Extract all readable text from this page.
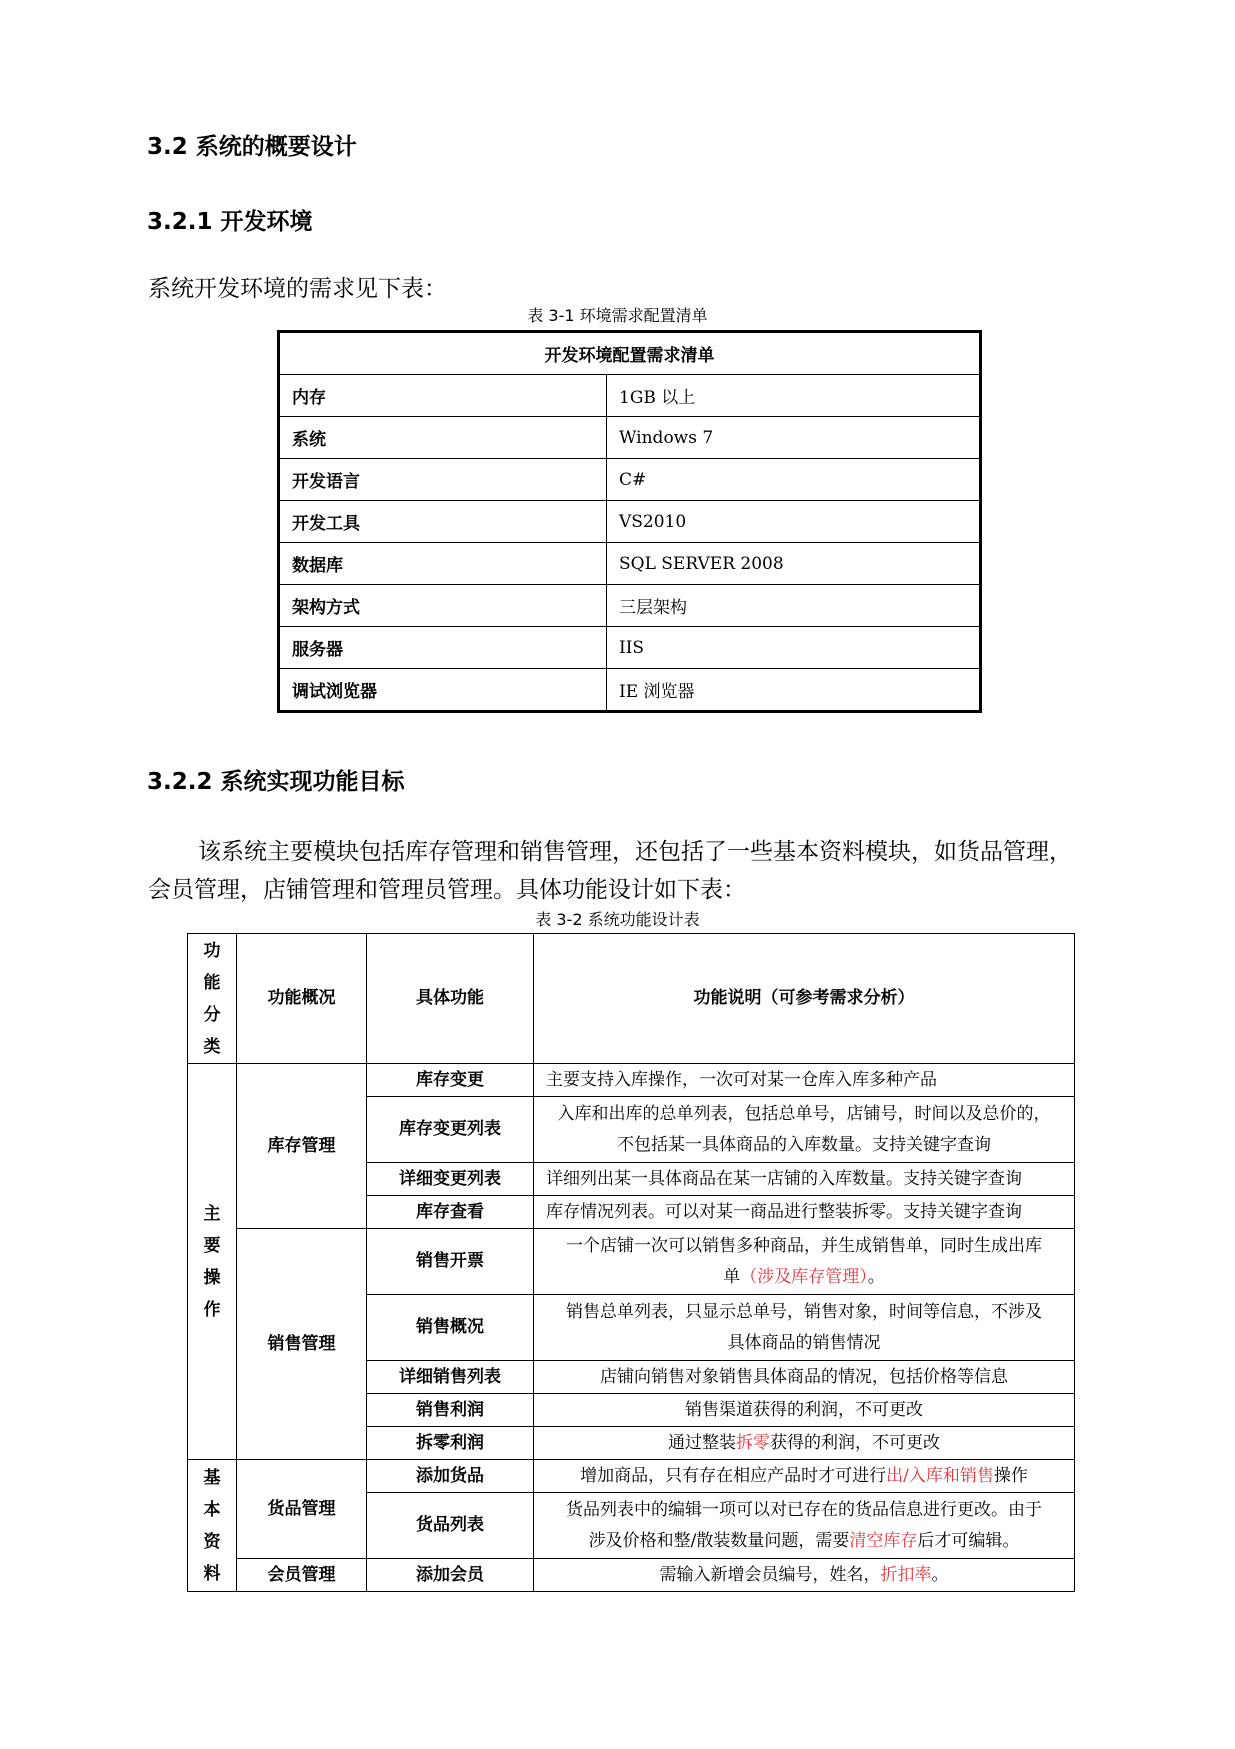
3.2 系统的概要设计
3.2.1 开发环境
系统开发环境的需求见下表：
表 3-1 环境需求配置清单
开发环境配置需求清单	
内存	1GB 以上
系统	Windows 7
开发语言	C#
开发工具	VS2010
数据库	SQL SERVER 2008
架构方式	三层架构
服务器	IIS
调试浏览器	IE 浏览器
3.2.2 系统实现功能目标
该系统主要模块包括库存管理和销售管理，还包括了一些基本资料模块，如货品管理，
会员管理，店铺管理和管理员管理。具体功能设计如下表：
表 3-2 系统功能设计表
功
能
分
类	功能概况	具体功能	功能说明（可参考需求分析）

主
要
操
作	库存管理	库存变更	主要支持入库操作，一次可对某一仓库入库多种产品
		库存变更列表	入库和出库的总单列表，包括总单号，店铺号，时间以及总价的，
不包括某一具体商品的入库数量。支持关键字查询

		详细变更列表	详细列出某一具体商品在某一店铺的入库数量。支持关键字查询
		库存查看	库存情况列表。可以对某一商品进行整装拆零。支持关键字查询
	销售管理	销售开票	一个店铺一次可以销售多种商品，并生成销售单，同时生成出库
单（涉及库存管理）。

		销售概况	销售总单列表，只显示总单号，销售对象，时间等信息，不涉及
具体商品的销售情况

		详细销售列表	店铺向销售对象销售具体商品的情况，包括价格等信息
		销售利润	销售渠道获得的利润，不可更改
		拆零利润	通过整装拆零获得的利润，不可更改

基
本
资
料	货品管理	添加货品	增加商品，只有存在相应产品时才可进行出/入库和销售操作
		货品列表	货品列表中的编辑一项可以对已存在的货品信息进行更改。由于
涉及价格和整/散装数量问题，需要清空库存后才可编辑。

	会员管理	添加会员	需输入新增会员编号，姓名，折扣率。
